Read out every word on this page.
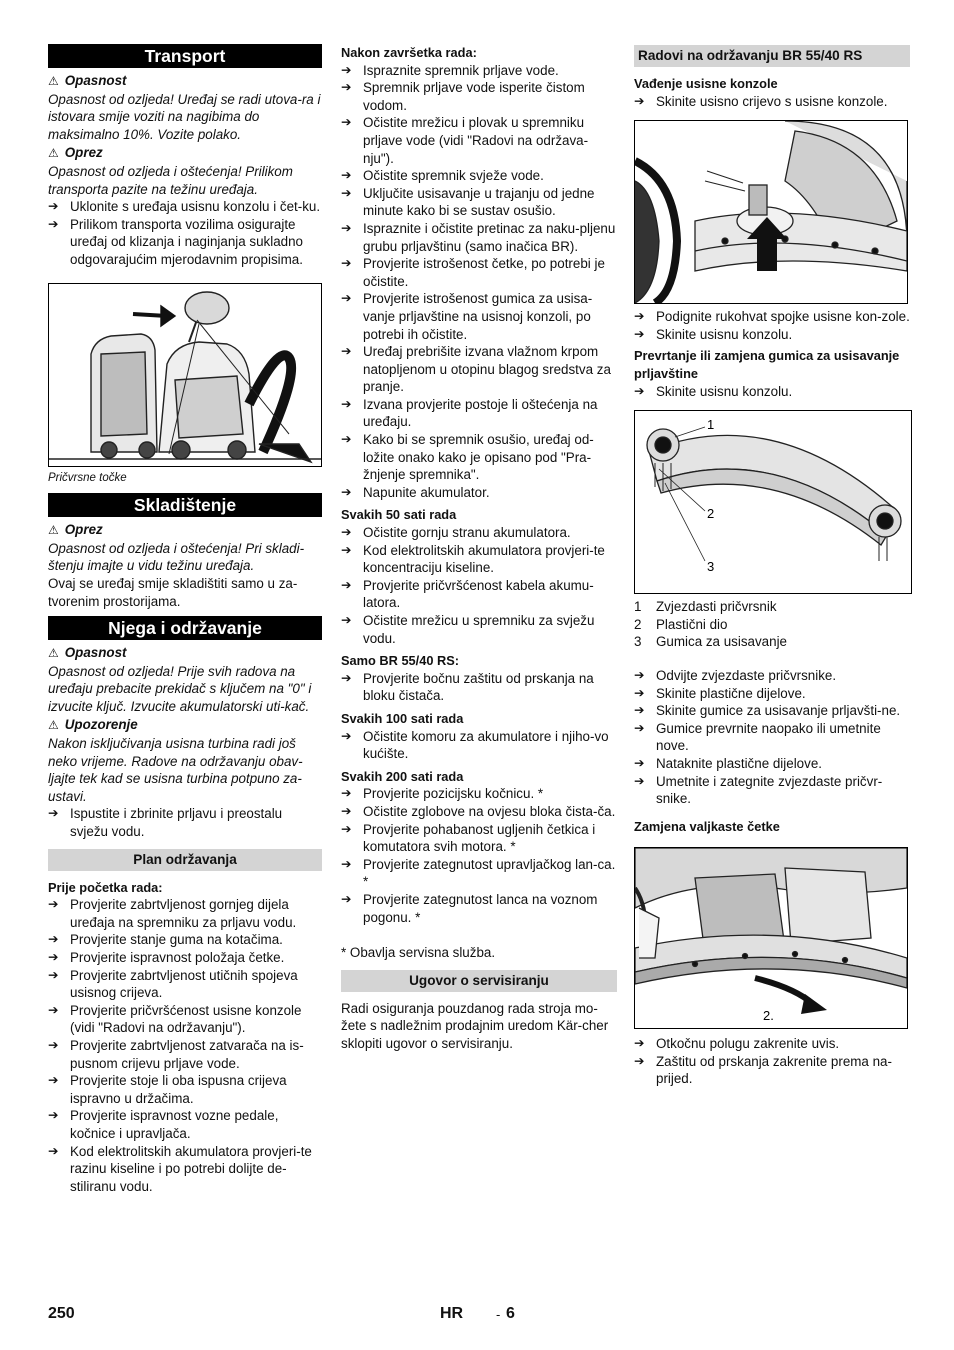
Transport
⚠ Opasnost
Opasnost od ozljeda! Uređaj se radi utova-ra i istovara smije voziti na nagibima do maksimalno 10%. Vozite polako.
⚠ Oprez
Opasnost od ozljeda i oštećenja! Prilikom transporta pazite na težinu uređaja.
➔ Uklonite s uređaja usisnu konzolu i čet-ku.
➔ Prilikom transporta vozilima osigurajte uređaj od klizanja i naginjanja sukladno odgovarajućim mjerodavnim propisima.
Pričvrsne točke
Skladištenje
⚠ Oprez
Opasnost od ozljeda i oštećenja! Pri skladi-štenju imajte u vidu težinu uređaja.
Ovaj se uređaj smije skladištiti samo u za-tvorenim prostorijama.
Njega i održavanje
⚠ Opasnost
Opasnost od ozljeda! Prije svih radova na uređaju prebacite prekidač s ključem na "0" i izvucite ključ. Izvucite akumulatorski uti-kač.
⚠ Upozorenje
Nakon isključivanja usisna turbina radi još neko vrijeme. Radove na održavanju obav-ljajte tek kad se usisna turbina potpuno za-ustavi.
➔ Ispustite i zbrinite prljavu i preostalu svježu vodu.
Plan održavanja
Prije početka rada:
➔ Provjerite zabrtvljenost gornjeg dijela uređaja na spremniku za prljavu vodu.
➔ Provjerite stanje guma na kotačima.
➔ Provjerite ispravnost položaja četke.
➔ Provjerite zabrtvljenost utičnih spojeva usisnog crijeva.
➔ Provjerite pričvršćenost usisne konzole (vidi "Radovi na održavanju").
➔ Provjerite zabrtvljenost zatvarača na is-pusnom crijevu prljave vode.
➔ Provjerite stoje li oba ispusna crijeva ispravno u držačima.
➔ Provjerite ispravnost vozne pedale, kočnice i upravljača.
➔ Kod elektrolitskih akumulatora provjeri-te razinu kiseline i po potrebi dolijte de-stiliranu vodu.
Nakon završetka rada:
➔ Ispraznite spremnik prljave vode.
➔ Spremnik prljave vode isperite čistom vodom.
➔ Očistite mrežicu i plovak u spremniku prljave vode (vidi "Radovi na održava-nju").
➔ Očistite spremnik svježe vode.
➔ Uključite usisavanje u trajanju od jedne minute kako bi se sustav osušio.
➔ Ispraznite i očistite pretinac za naku-pljenu grubu prljavštinu (samo inačica BR).
➔ Provjerite istrošenost četke, po potrebi je očistite.
➔ Provjerite istrošenost gumica za usisa-vanje prljavštine na usisnoj konzoli, po potrebi ih očistite.
➔ Uređaj prebrišite izvana vlažnom krpom natopljenom u otopinu blagog sredstva za pranje.
➔ Izvana provjerite postoje li oštećenja na uređaju.
➔ Kako bi se spremnik osušio, uređaj od-ložite onako kako je opisano pod "Pra-žnjenje spremnika".
➔ Napunite akumulator.
Svakih 50 sati rada
➔ Očistite gornju stranu akumulatora.
➔ Kod elektrolitskih akumulatora provjeri-te koncentraciju kiseline.
➔ Provjerite pričvršćenost kabela akumu-latora.
➔ Očistite mrežicu u spremniku za svježu vodu.
Samo BR 55/40 RS:
➔ Provjerite bočnu zaštitu od prskanja na bloku čistača.
Svakih 100 sati rada
➔ Očistite komoru za akumulatore i njiho-vo kućište.
Svakih 200 sati rada
➔ Provjerite pozicijsku kočnicu. *
➔ Očistite zglobove na ovjesu bloka čista-ča.
➔ Provjerite pohabanost ugljenih četkica i komutatora svih motora. *
➔ Provjerite zategnutost upravljačkog lan-ca. *
➔ Provjerite zategnutost lanca na voznom pogonu. *
* Obavlja servisna služba.
Ugovor o servisiranju
Radi osiguranja pouzdanog rada stroja mo-žete s nadležnim prodajnim uredom Kär-cher sklopiti ugovor o servisiranju.
Radovi na održavanju BR 55/40 RS
Vađenje usisne konzole
➔ Skinite usisno crijevo s usisne konzole.
➔ Podignite rukohvat spojke usisne kon-zole.
➔ Skinite usisnu konzolu.
Prevrtanje ili zamjena gumica za usisavanje prljavštine
➔ Skinite usisnu konzolu.
1
2
3
1 Zvjezdasti pričvrsnik
2 Plastični dio
3 Gumica za usisavanje
➔ Odvijte zvjezdaste pričvrsnike.
➔ Skinite plastične dijelove.
➔ Skinite gumice za usisavanje prljavšti-ne.
➔ Gumice prevrnite naopako ili umetnite nove.
➔ Nataknite plastične dijelove.
➔ Umetnite i zategnite zvjezdaste pričvr-snike.
Zamjena valjkaste četke
2.
➔ Otkočnu polugu zakrenite uvis.
➔ Zaštitu od prskanja zakrenite prema na-prijed.
250	HR	- 6
